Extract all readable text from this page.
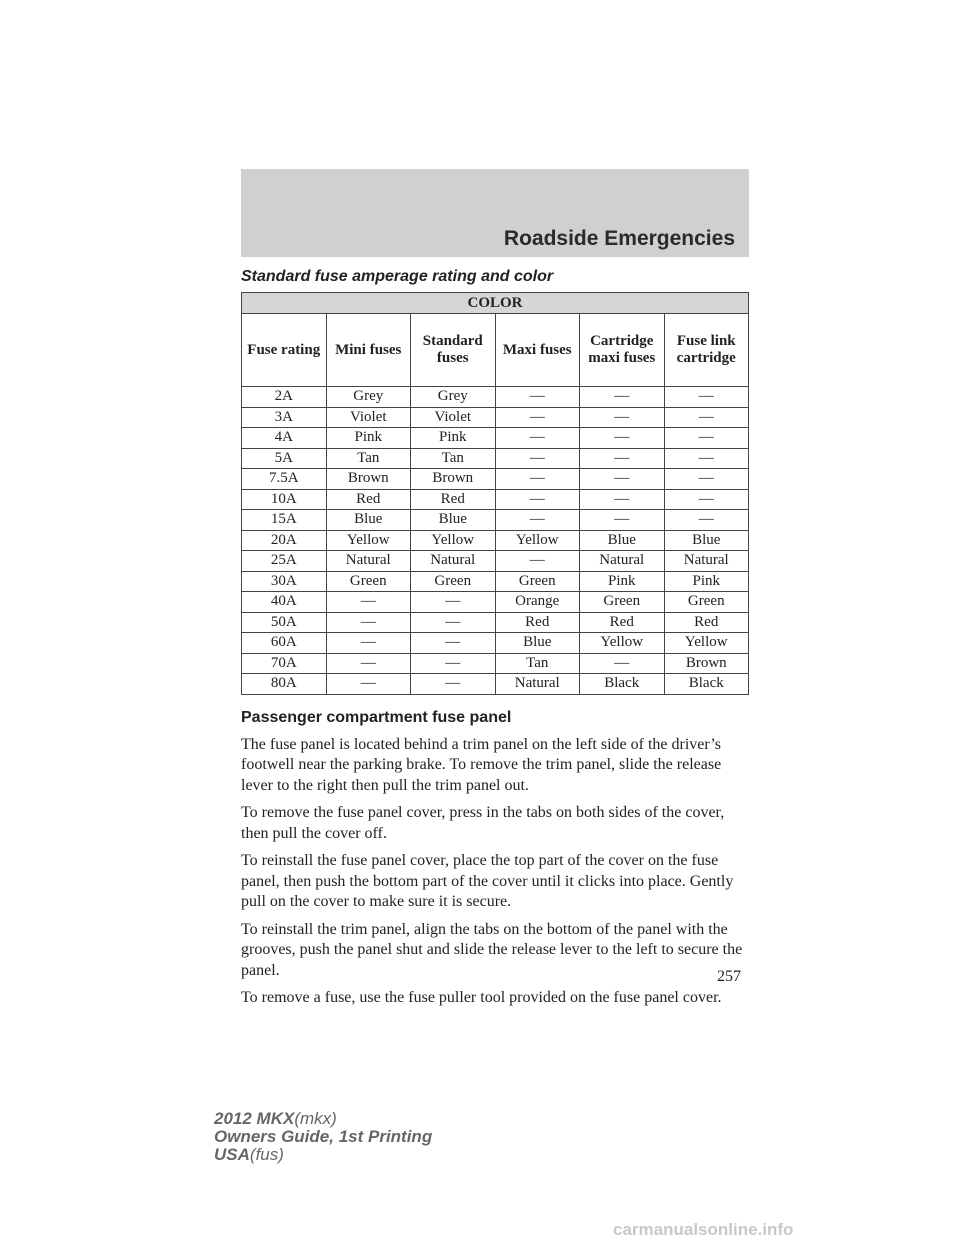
Roadside Emergencies
Standard fuse amperage rating and color
COLOR					
Fuse rating	Mini fuses	Standard fuses	Maxi fuses	Cartridge maxi fuses	Fuse link cartridge
2A	Grey	Grey	—	—	—
3A	Violet	Violet	—	—	—
4A	Pink	Pink	—	—	—
5A	Tan	Tan	—	—	—
7.5A	Brown	Brown	—	—	—
10A	Red	Red	—	—	—
15A	Blue	Blue	—	—	—
20A	Yellow	Yellow	Yellow	Blue	Blue
25A	Natural	Natural	—	Natural	Natural
30A	Green	Green	Green	Pink	Pink
40A	—	—	Orange	Green	Green
50A	—	—	Red	Red	Red
60A	—	—	Blue	Yellow	Yellow
70A	—	—	Tan	—	Brown
80A	—	—	Natural	Black	Black
Passenger compartment fuse panel

The fuse panel is located behind a trim panel on the left side of the driver’s footwell near the parking brake. To remove the trim panel, slide the release lever to the right then pull the trim panel out.

To remove the fuse panel cover, press in the tabs on both sides of the cover, then pull the cover off.

To reinstall the fuse panel cover, place the top part of the cover on the fuse panel, then push the bottom part of the cover until it clicks into place. Gently pull on the cover to make sure it is secure.

To reinstall the trim panel, align the tabs on the bottom of the panel with the grooves, push the panel shut and slide the release lever to the left to secure the panel.

To remove a fuse, use the fuse puller tool provided on the fuse panel cover.

257
2012 MKX(mkx)
Owners Guide, 1st Printing
USA(fus)
carmanualsonline.info
